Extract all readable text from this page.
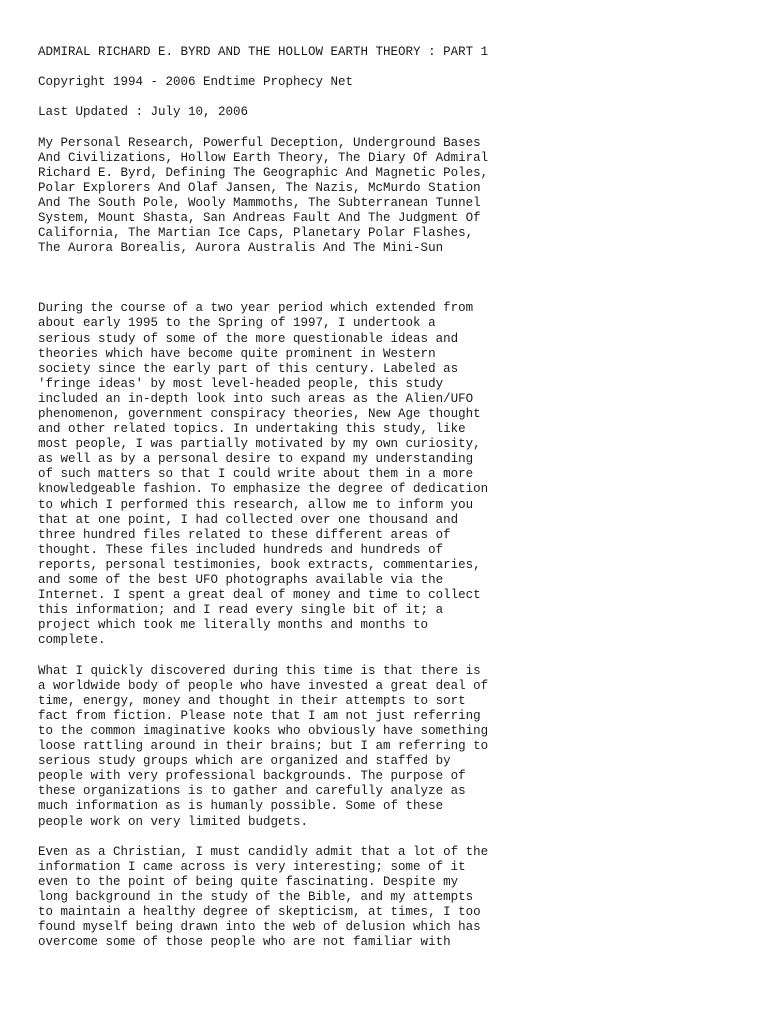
ADMIRAL RICHARD E. BYRD AND THE HOLLOW EARTH THEORY : PART 1
Copyright 1994 - 2006 Endtime Prophecy Net
Last Updated : July 10, 2006
My Personal Research, Powerful Deception, Underground Bases
And Civilizations, Hollow Earth Theory, The Diary Of Admiral
Richard E. Byrd, Defining The Geographic And Magnetic Poles,
Polar Explorers And Olaf Jansen, The Nazis, McMurdo Station
And The South Pole, Wooly Mammoths, The Subterranean Tunnel
System, Mount Shasta, San Andreas Fault And The Judgment Of
California, The Martian Ice Caps, Planetary Polar Flashes,
The Aurora Borealis, Aurora Australis And The Mini-Sun
During the course of a two year period which extended from
about early 1995 to the Spring of 1997, I undertook a
serious study of some of the more questionable ideas and
theories which have become quite prominent in Western
society since the early part of this century. Labeled as
'fringe ideas' by most level-headed people, this study
included an in-depth look into such areas as the Alien/UFO
phenomenon, government conspiracy theories, New Age thought
and other related topics. In undertaking this study, like
most people, I was partially motivated by my own curiosity,
as well as by a personal desire to expand my understanding
of such matters so that I could write about them in a more
knowledgeable fashion. To emphasize the degree of dedication
to which I performed this research, allow me to inform you
that at one point, I had collected over one thousand and
three hundred files related to these different areas of
thought. These files included hundreds and hundreds of
reports, personal testimonies, book extracts, commentaries,
and some of the best UFO photographs available via the
Internet. I spent a great deal of money and time to collect
this information; and I read every single bit of it; a
project which took me literally months and months to
complete.
What I quickly discovered during this time is that there is
a worldwide body of people who have invested a great deal of
time, energy, money and thought in their attempts to sort
fact from fiction. Please note that I am not just referring
to the common imaginative kooks who obviously have something
loose rattling around in their brains; but I am referring to
serious study groups which are organized and staffed by
people with very professional backgrounds. The purpose of
these organizations is to gather and carefully analyze as
much information as is humanly possible. Some of these
people work on very limited budgets.
Even as a Christian, I must candidly admit that a lot of the
information I came across is very interesting; some of it
even to the point of being quite fascinating. Despite my
long background in the study of the Bible, and my attempts
to maintain a healthy degree of skepticism, at times, I too
found myself being drawn into the web of delusion which has
overcome some of those people who are not familiar with
